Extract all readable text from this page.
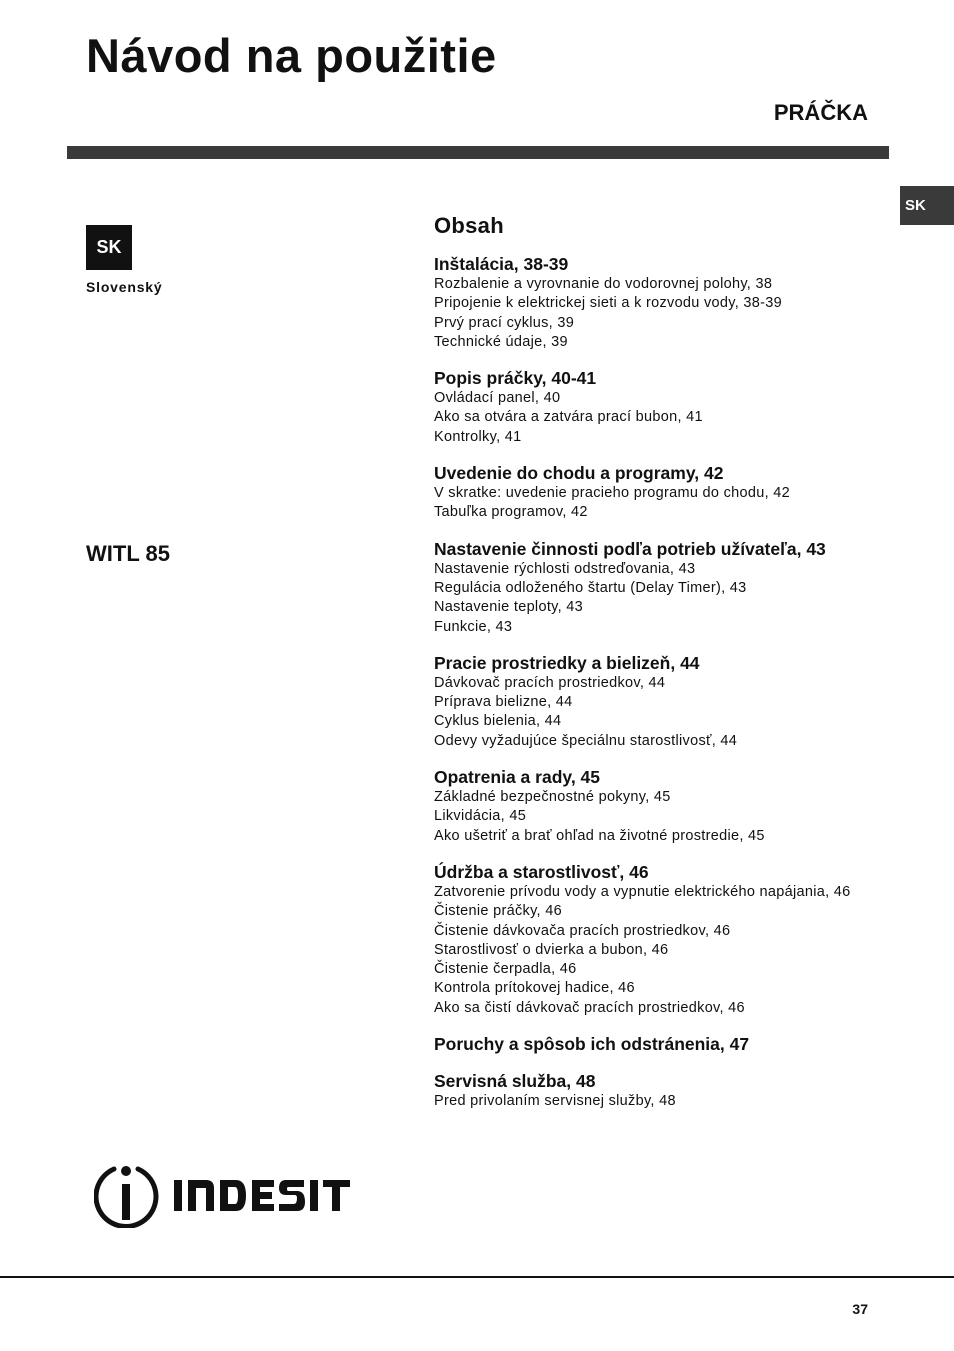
Návod na použitie
PRÁČKA
SK
SK
Slovenský
WITL 85
Obsah
Inštalácia, 38-39
Rozbalenie a vyrovnanie do vodorovnej polohy, 38
Pripojenie k elektrickej sieti a k rozvodu vody, 38-39
Prvý prací cyklus, 39
Technické údaje, 39
Popis práčky, 40-41
Ovládací panel, 40
Ako sa otvára a zatvára prací bubon, 41
Kontrolky, 41
Uvedenie do chodu a programy, 42
V skratke: uvedenie pracieho programu do chodu, 42
Tabuľka programov, 42
Nastavenie činnosti podľa potrieb užívateľa, 43
Nastavenie rýchlosti odstreďovania, 43
Regulácia odloženého štartu (Delay Timer), 43
Nastavenie teploty, 43
Funkcie, 43
Pracie prostriedky a bielizeň, 44
Dávkovač pracích prostriedkov, 44
Príprava bielizne, 44
Cyklus bielenia, 44
Odevy vyžadujúce špeciálnu starostlivosť, 44
Opatrenia a rady, 45
Základné bezpečnostné pokyny, 45
Likvidácia, 45
Ako ušetriť a brať ohľad na životné prostredie, 45
Údržba a starostlivosť, 46
Zatvorenie prívodu vody a vypnutie elektrického napájania, 46
Čistenie práčky, 46
Čistenie dávkovača pracích prostriedkov, 46
Starostlivosť o dvierka a bubon, 46
Čistenie čerpadla, 46
Kontrola prítokovej hadice, 46
Ako sa čistí dávkovač pracích prostriedkov, 46
Poruchy a spôsob ich odstránenia, 47
Servisná služba, 48
Pred privolaním servisnej služby, 48
37
